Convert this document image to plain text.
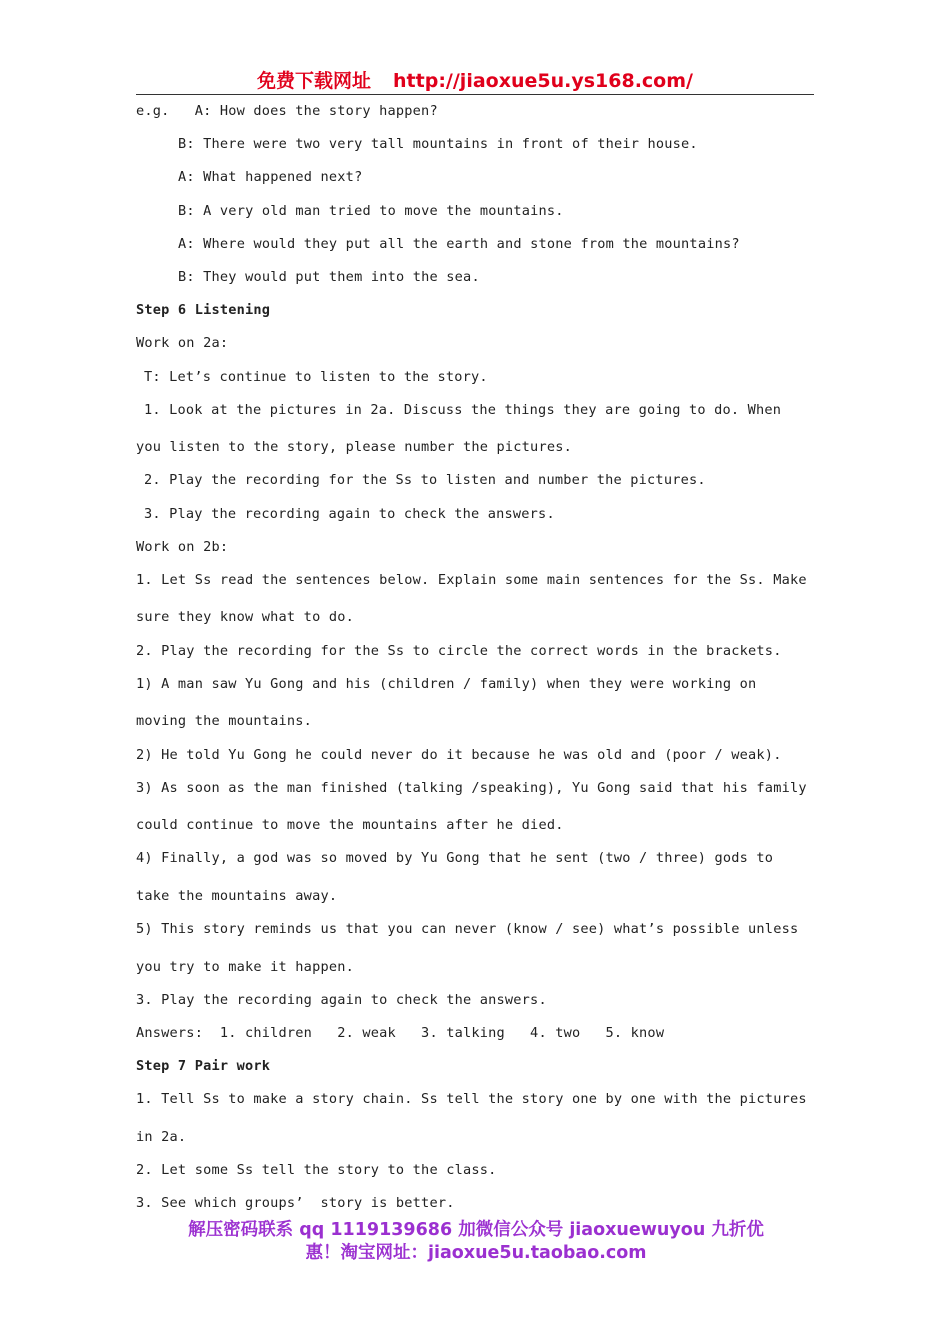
免费下载网址 http://jiaoxue5u.ys168.com/
e.g.   A: How does the story happen?
B: There were two very tall mountains in front of their house.
A: What happened next?
B: A very old man tried to move the mountains.
A: Where would they put all the earth and stone from the mountains?
B: They would put them into the sea.
Step 6 Listening
Work on 2a:
T: Let’s continue to listen to the story.
1. Look at the pictures in 2a. Discuss the things they are going to do. When
you listen to the story, please number the pictures.
2. Play the recording for the Ss to listen and number the pictures.
3. Play the recording again to check the answers.
Work on 2b:
1. Let Ss read the sentences below. Explain some main sentences for the Ss. Make
sure they know what to do.
2. Play the recording for the Ss to circle the correct words in the brackets.
1) A man saw Yu Gong and his (children / family) when they were working on
moving the mountains.
2) He told Yu Gong he could never do it because he was old and (poor / weak).
3) As soon as the man finished (talking /speaking), Yu Gong said that his family
could continue to move the mountains after he died.
4) Finally, a god was so moved by Yu Gong that he sent (two / three) gods to
take the mountains away.
5) This story reminds us that you can never (know / see) what’s possible unless
you try to make it happen.
3. Play the recording again to check the answers.
Answers:  1. children   2. weak   3. talking   4. two   5. know
Step 7 Pair work
1. Tell Ss to make a story chain. Ss tell the story one by one with the pictures
in 2a.
2. Let some Ss tell the story to the class.
3. See which groups’  story is better.
解压密码联系 qq 1119139686 加微信公众号 jiaoxuewuyou 九折优
惠！淘宝网址：jiaoxue5u.taobao.com
